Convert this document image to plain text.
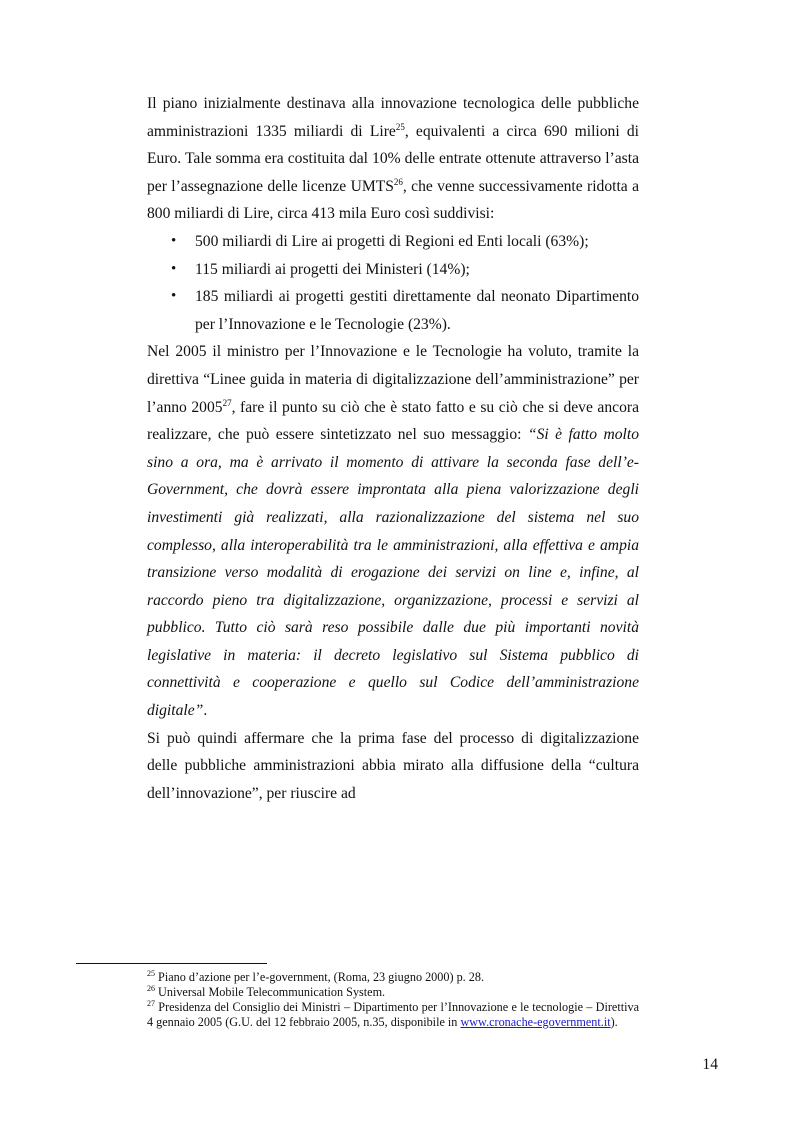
Il piano inizialmente destinava alla innovazione tecnologica delle pubbliche amministrazioni 1335 miliardi di Lire$^{25}$, equivalenti a circa 690 milioni di Euro. Tale somma era costituita dal 10% delle entrate ottenute attraverso l’asta per l’assegnazione delle licenze UMTS$^{26}$, che venne successivamente ridotta a 800 miliardi di Lire, circa 413 mila Euro così suddivisi:

• 500 miliardi di Lire ai progetti di Regioni ed Enti locali (63%);
• 115 miliardi ai progetti dei Ministeri (14%);
• 185 miliardi ai progetti gestiti direttamente dal neonato Dipartimento per l’Innovazione e le Tecnologie (23%).

Nel 2005 il ministro per l’Innovazione e le Tecnologie ha voluto, tramite la direttiva “Linee guida in materia di digitalizzazione dell’amministrazione” per l’anno 2005$^{27}$, fare il punto su ciò che è stato fatto e su ciò che si deve ancora realizzare, che può essere sintetizzato nel suo messaggio: “Si è fatto molto sino a ora, ma è arrivato il momento di attivare la seconda fase dell’e-Government, che dovrà essere improntata alla piena valorizzazione degli investimenti già realizzati, alla razionalizzazione del sistema nel suo complesso, alla interoperabilità tra le amministrazioni, alla effettiva e ampia transizione verso modalità di erogazione dei servizi on line e, infine, al raccordo pieno tra digitalizzazione, organizzazione, processi e servizi al pubblico. Tutto ciò sarà reso possibile dalle due più importanti novità legislative in materia: il decreto legislativo sul Sistema pubblico di connettività e cooperazione e quello sul Codice dell’amministrazione digitale”.

Si può quindi affermare che la prima fase del processo di digitalizzazione delle pubbliche amministrazioni abbia mirato alla diffusione della “cultura dell’innovazione”, per riuscire ad

$^{25}$ Piano d’azione per l’e-government, (Roma, 23 giugno 2000) p. 28.

$^{26}$ Universal Mobile Telecommunication System.

$^{27}$ Presidenza del Consiglio dei Ministri – Dipartimento per l’Innovazione e le tecnologie – Direttiva 4 gennaio 2005 (G.U. del 12 febbraio 2005, n.35, disponibile in www.cronache-egovernment.it).

14
